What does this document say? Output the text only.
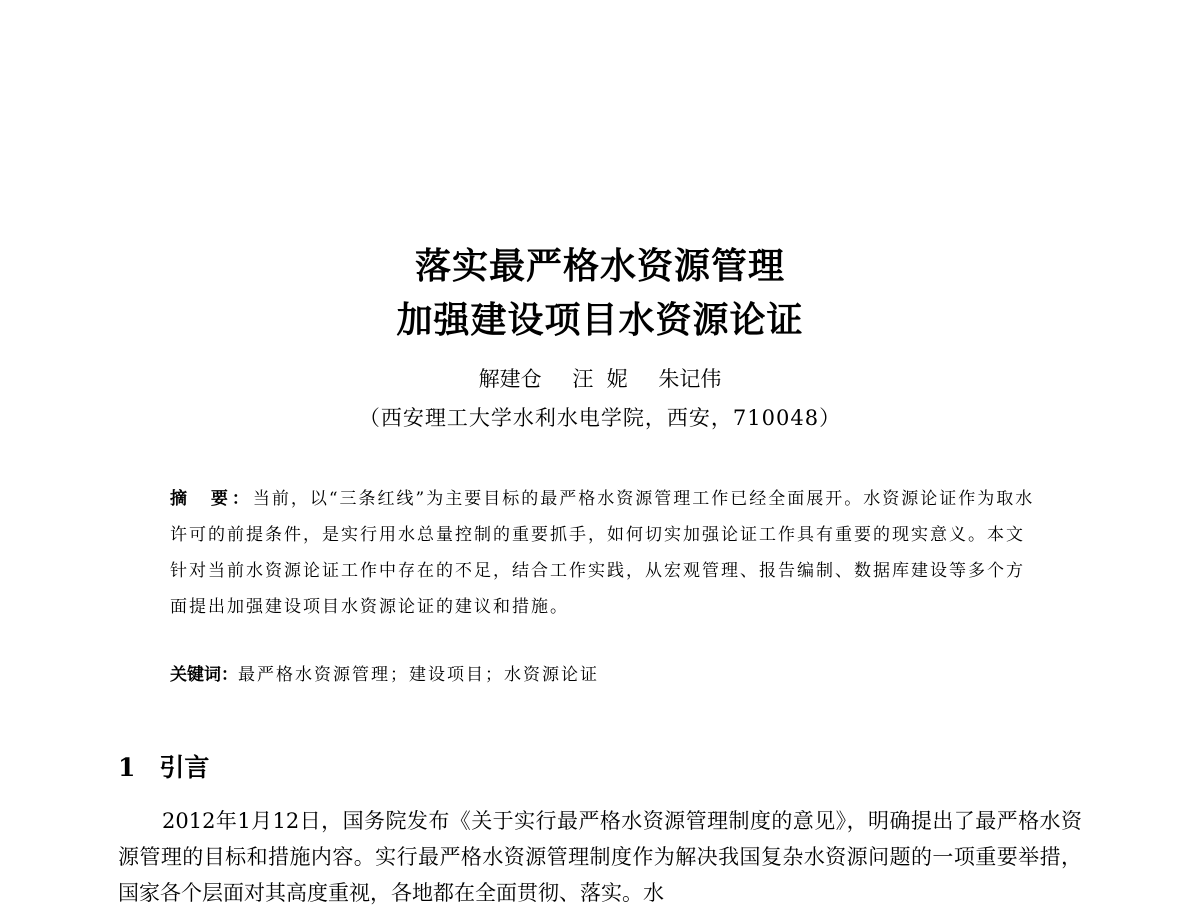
落实最严格水资源管理
加强建设项目水资源论证
解建仓 汪  妮 朱记伟
（西安理工大学水利水电学院，西安，710048）
摘  要：当前，以“三条红线”为主要目标的最严格水资源管理工作已经全面展开。水资源论证作为取水许可的前提条件，是实行用水总量控制的重要抓手，如何切实加强论证工作具有重要的现实意义。本文针对当前水资源论证工作中存在的不足，结合工作实践，从宏观管理、报告编制、数据库建设等多个方面提出加强建设项目水资源论证的建议和措施。
关键词：最严格水资源管理；建设项目；水资源论证
1 引言
2012年1月12日，国务院发布《关于实行最严格水资源管理制度的意见》，明确提出了最严格水资源管理的目标和措施内容。实行最严格水资源管理制度作为解决我国复杂水资源问题的一项重要举措，国家各个层面对其高度重视，各地都在全面贯彻、落实。水
